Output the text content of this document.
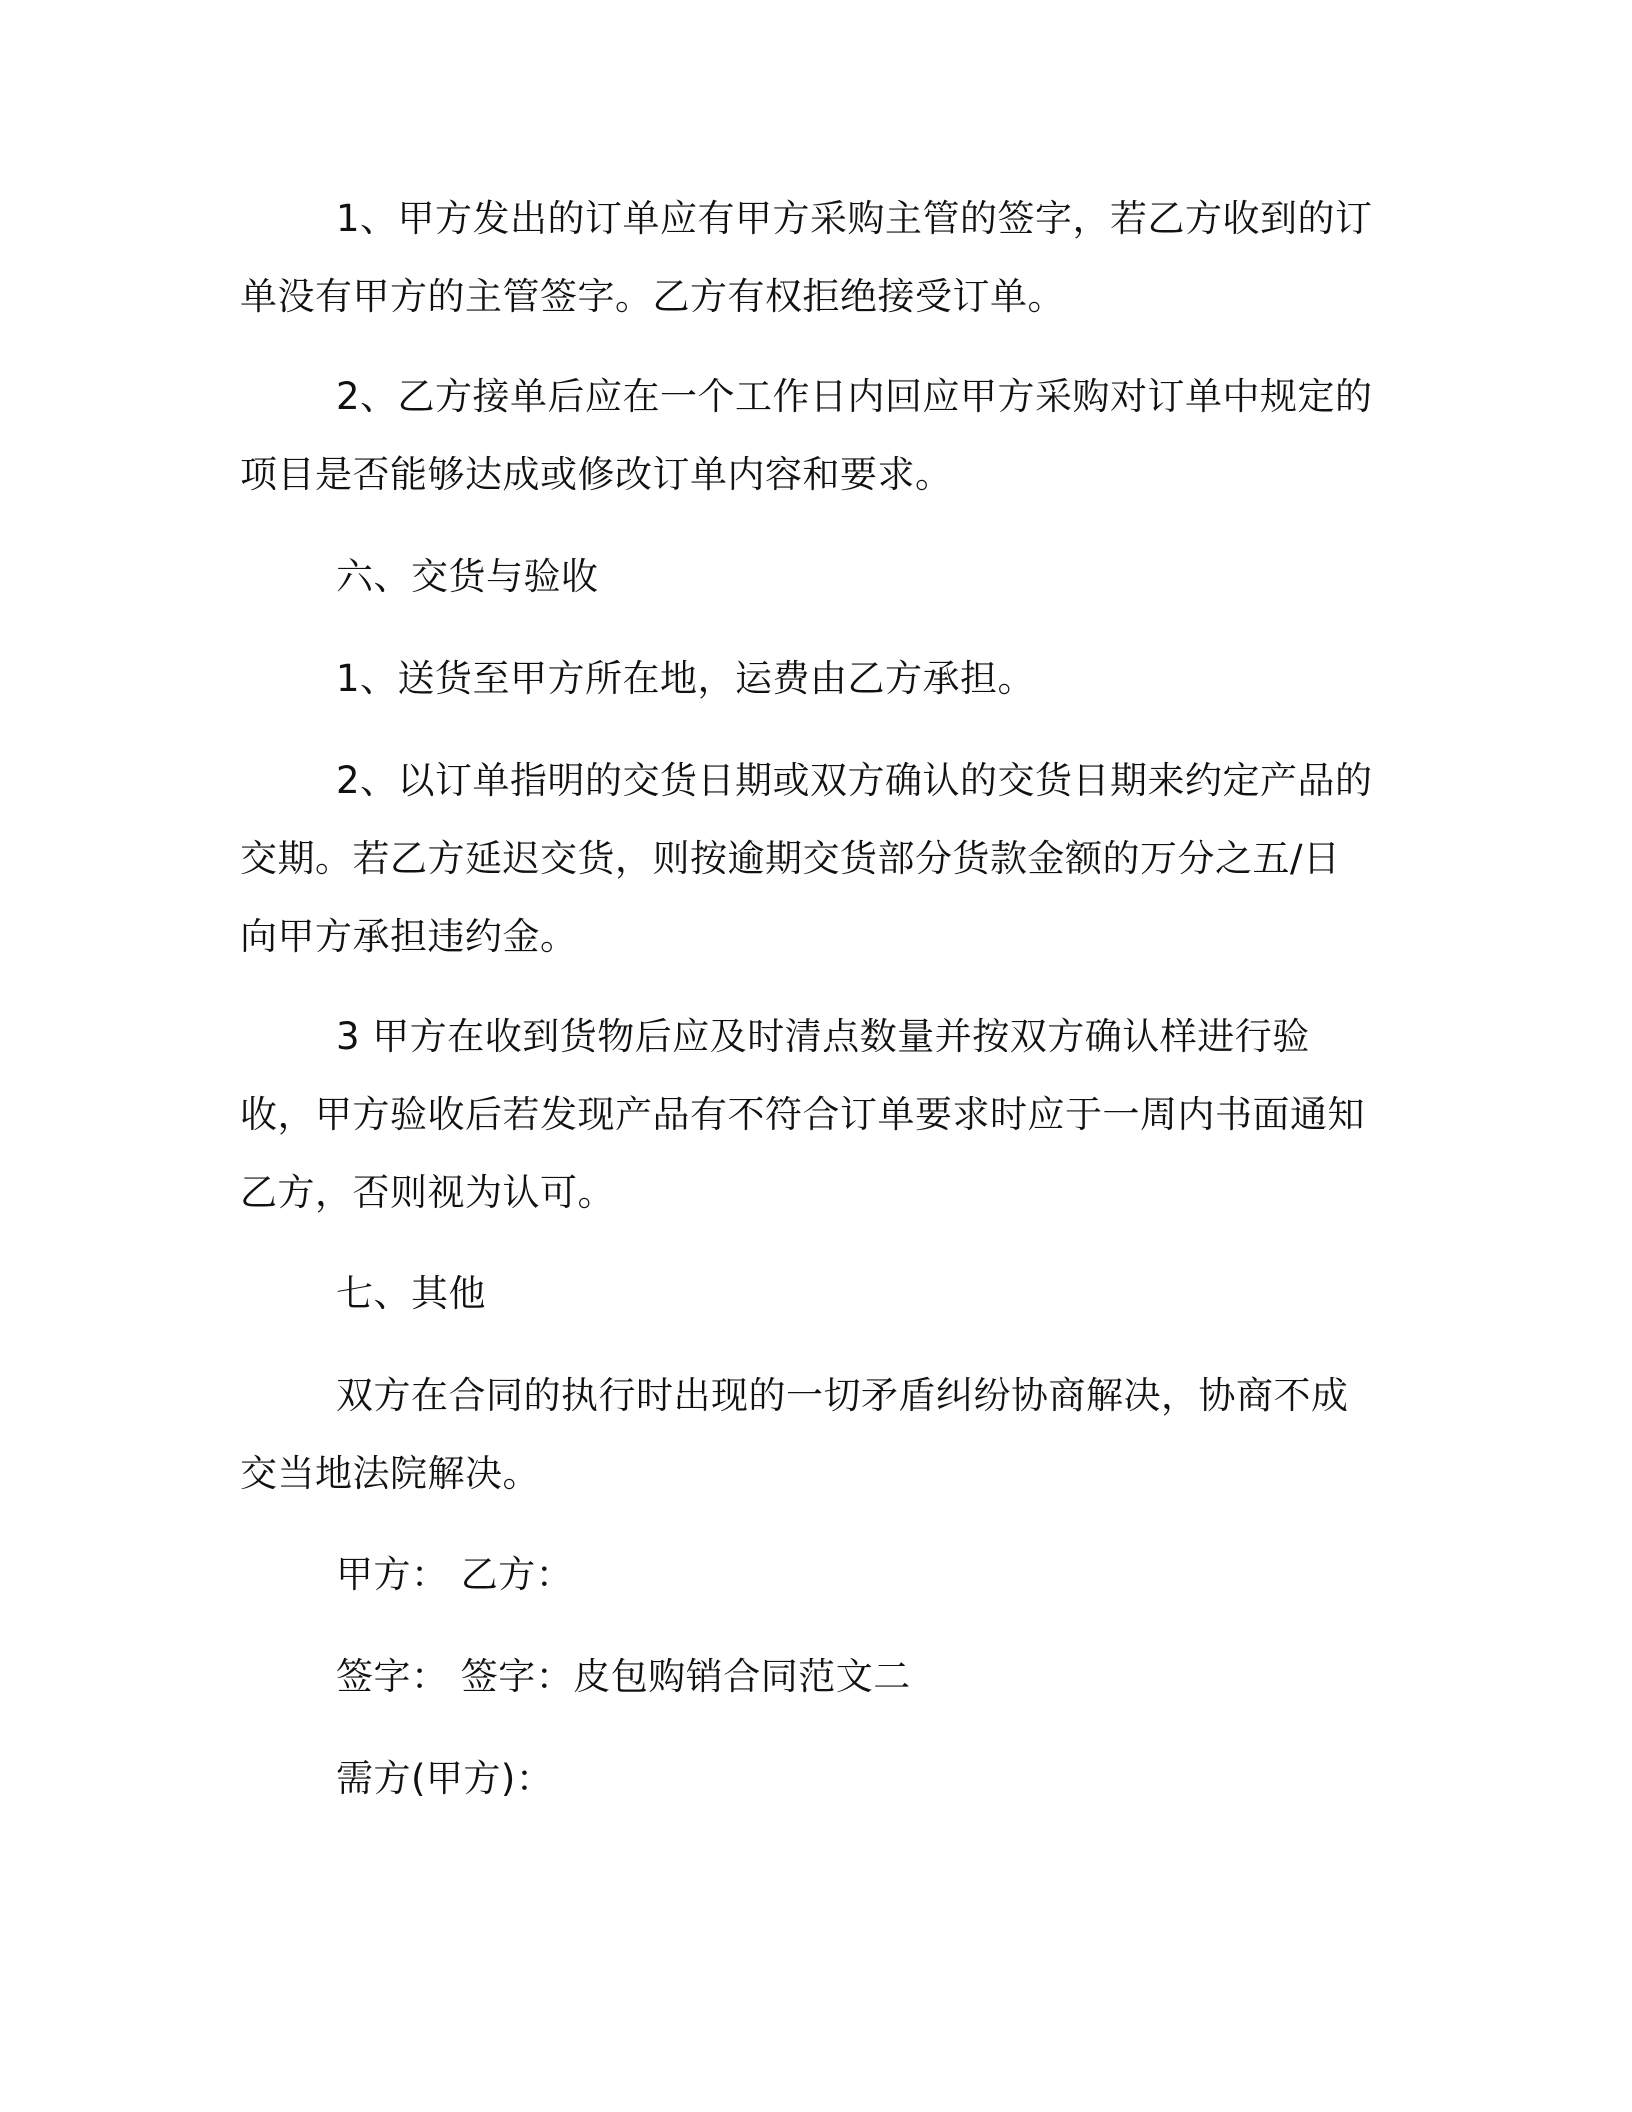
1、甲方发出的订单应有甲方采购主管的签字，若乙方收到的订单没有甲方的主管签字。乙方有权拒绝接受订单。

2、乙方接单后应在一个工作日内回应甲方采购对订单中规定的项目是否能够达成或修改订单内容和要求。

六、交货与验收

1、送货至甲方所在地，运费由乙方承担。

2、以订单指明的交货日期或双方确认的交货日期来约定产品的交期。若乙方延迟交货，则按逾期交货部分货款金额的万分之五/日向甲方承担违约金。

3 甲方在收到货物后应及时清点数量并按双方确认样进行验收，甲方验收后若发现产品有不符合订单要求时应于一周内书面通知乙方，否则视为认可。

七、其他

双方在合同的执行时出现的一切矛盾纠纷协商解决，协商不成交当地法院解决。

甲方： 乙方：

签字： 签字：皮包购销合同范文二

需方(甲方)：
